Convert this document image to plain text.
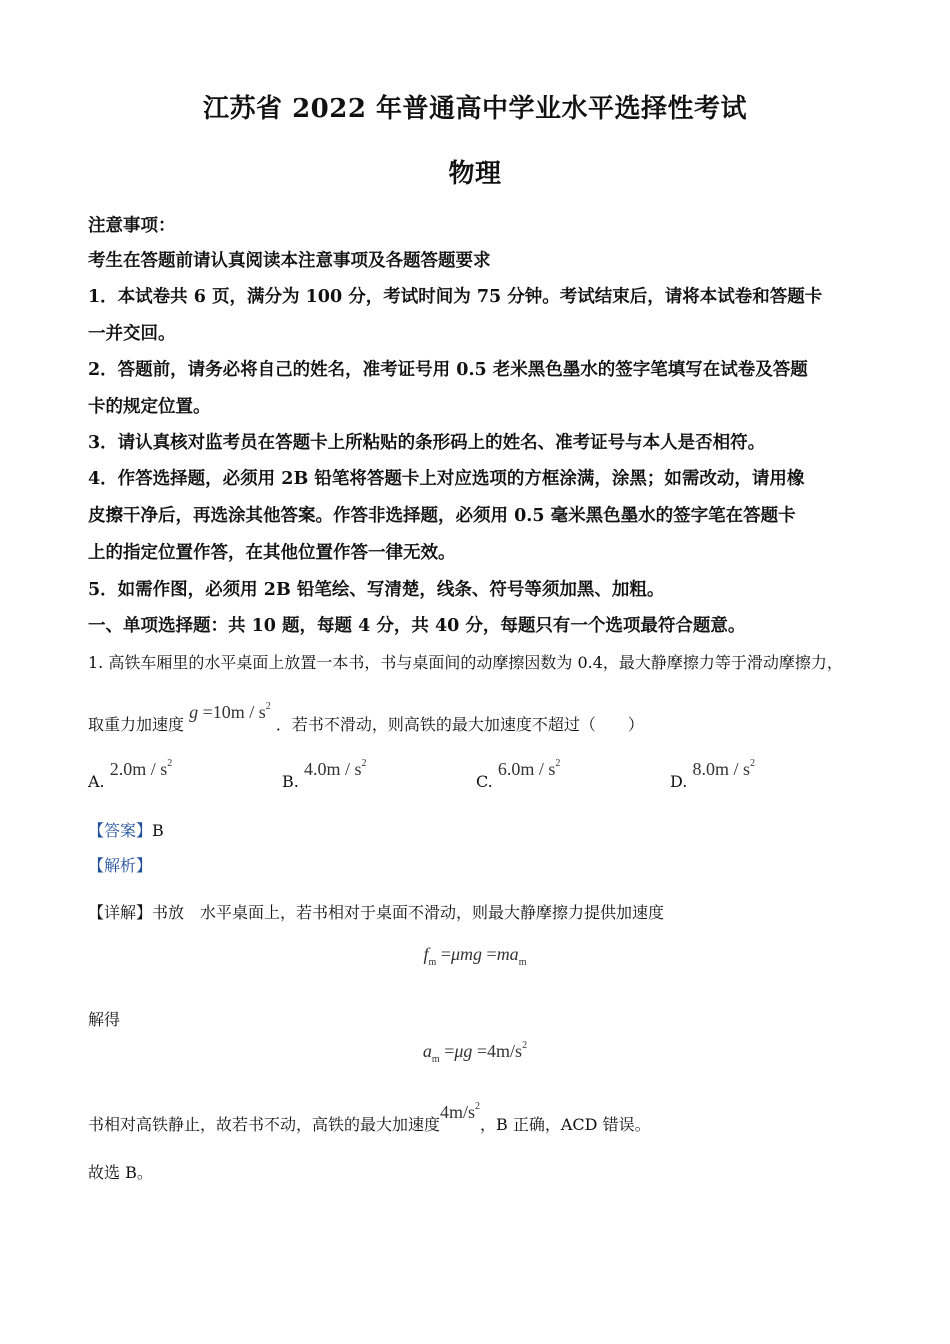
江苏省 2022 年普通高中学业水平选择性考试
物理
注意事项：
考生在答题前请认真阅读本注意事项及各题答题要求
1．本试卷共 6 页，满分为 100 分，考试时间为 75 分钟。考试结束后，请将本试卷和答题卡
一并交回。
2．答题前，请务必将自己的姓名，准考证号用 0.5 老米黑色墨水的签字笔填写在试卷及答题
卡的规定位置。
3．请认真核对监考员在答题卡上所粘贴的条形码上的姓名、准考证号与本人是否相符。
4．作答选择题，必须用 2B 铅笔将答题卡上对应选项的方框涂满，涂黑；如需改动，请用橡
皮擦干净后，再选涂其他答案。作答非选择题，必须用 0.5 毫米黑色墨水的签字笔在答题卡
上的指定位置作答，在其他位置作答一律无效。
5．如需作图，必须用 2B 铅笔绘、写清楚，线条、符号等须加黑、加粗。
一、单项选择题：共 10 题，每题 4 分，共 40 分，每题只有一个选项最符合题意。
1. 高铁车厢里的水平桌面上放置一本书，书与桌面间的动摩擦因数为 0.4，最大静摩擦力等于滑动摩擦力，
取重力加速度 $g =10m / s^2$ ．若书不滑动，则高铁的最大加速度不超过（　　）
A. $2.0m / s^2$
B. $4.0m / s^2$
C. $6.0m / s^2$
D. $8.0m / s^2$
【答案】B
【解析】
【详解】书放　水平桌面上，若书相对于桌面不滑动，则最大静摩擦力提供加速度
$f_m =\mu mg =ma_m$
解得
$a_m =\mu g =4m/s^2$
书相对高铁静止，故若书不动，高铁的最大加速度$4m/s^2$，B 正确，ACD 错误。
故选 B。
